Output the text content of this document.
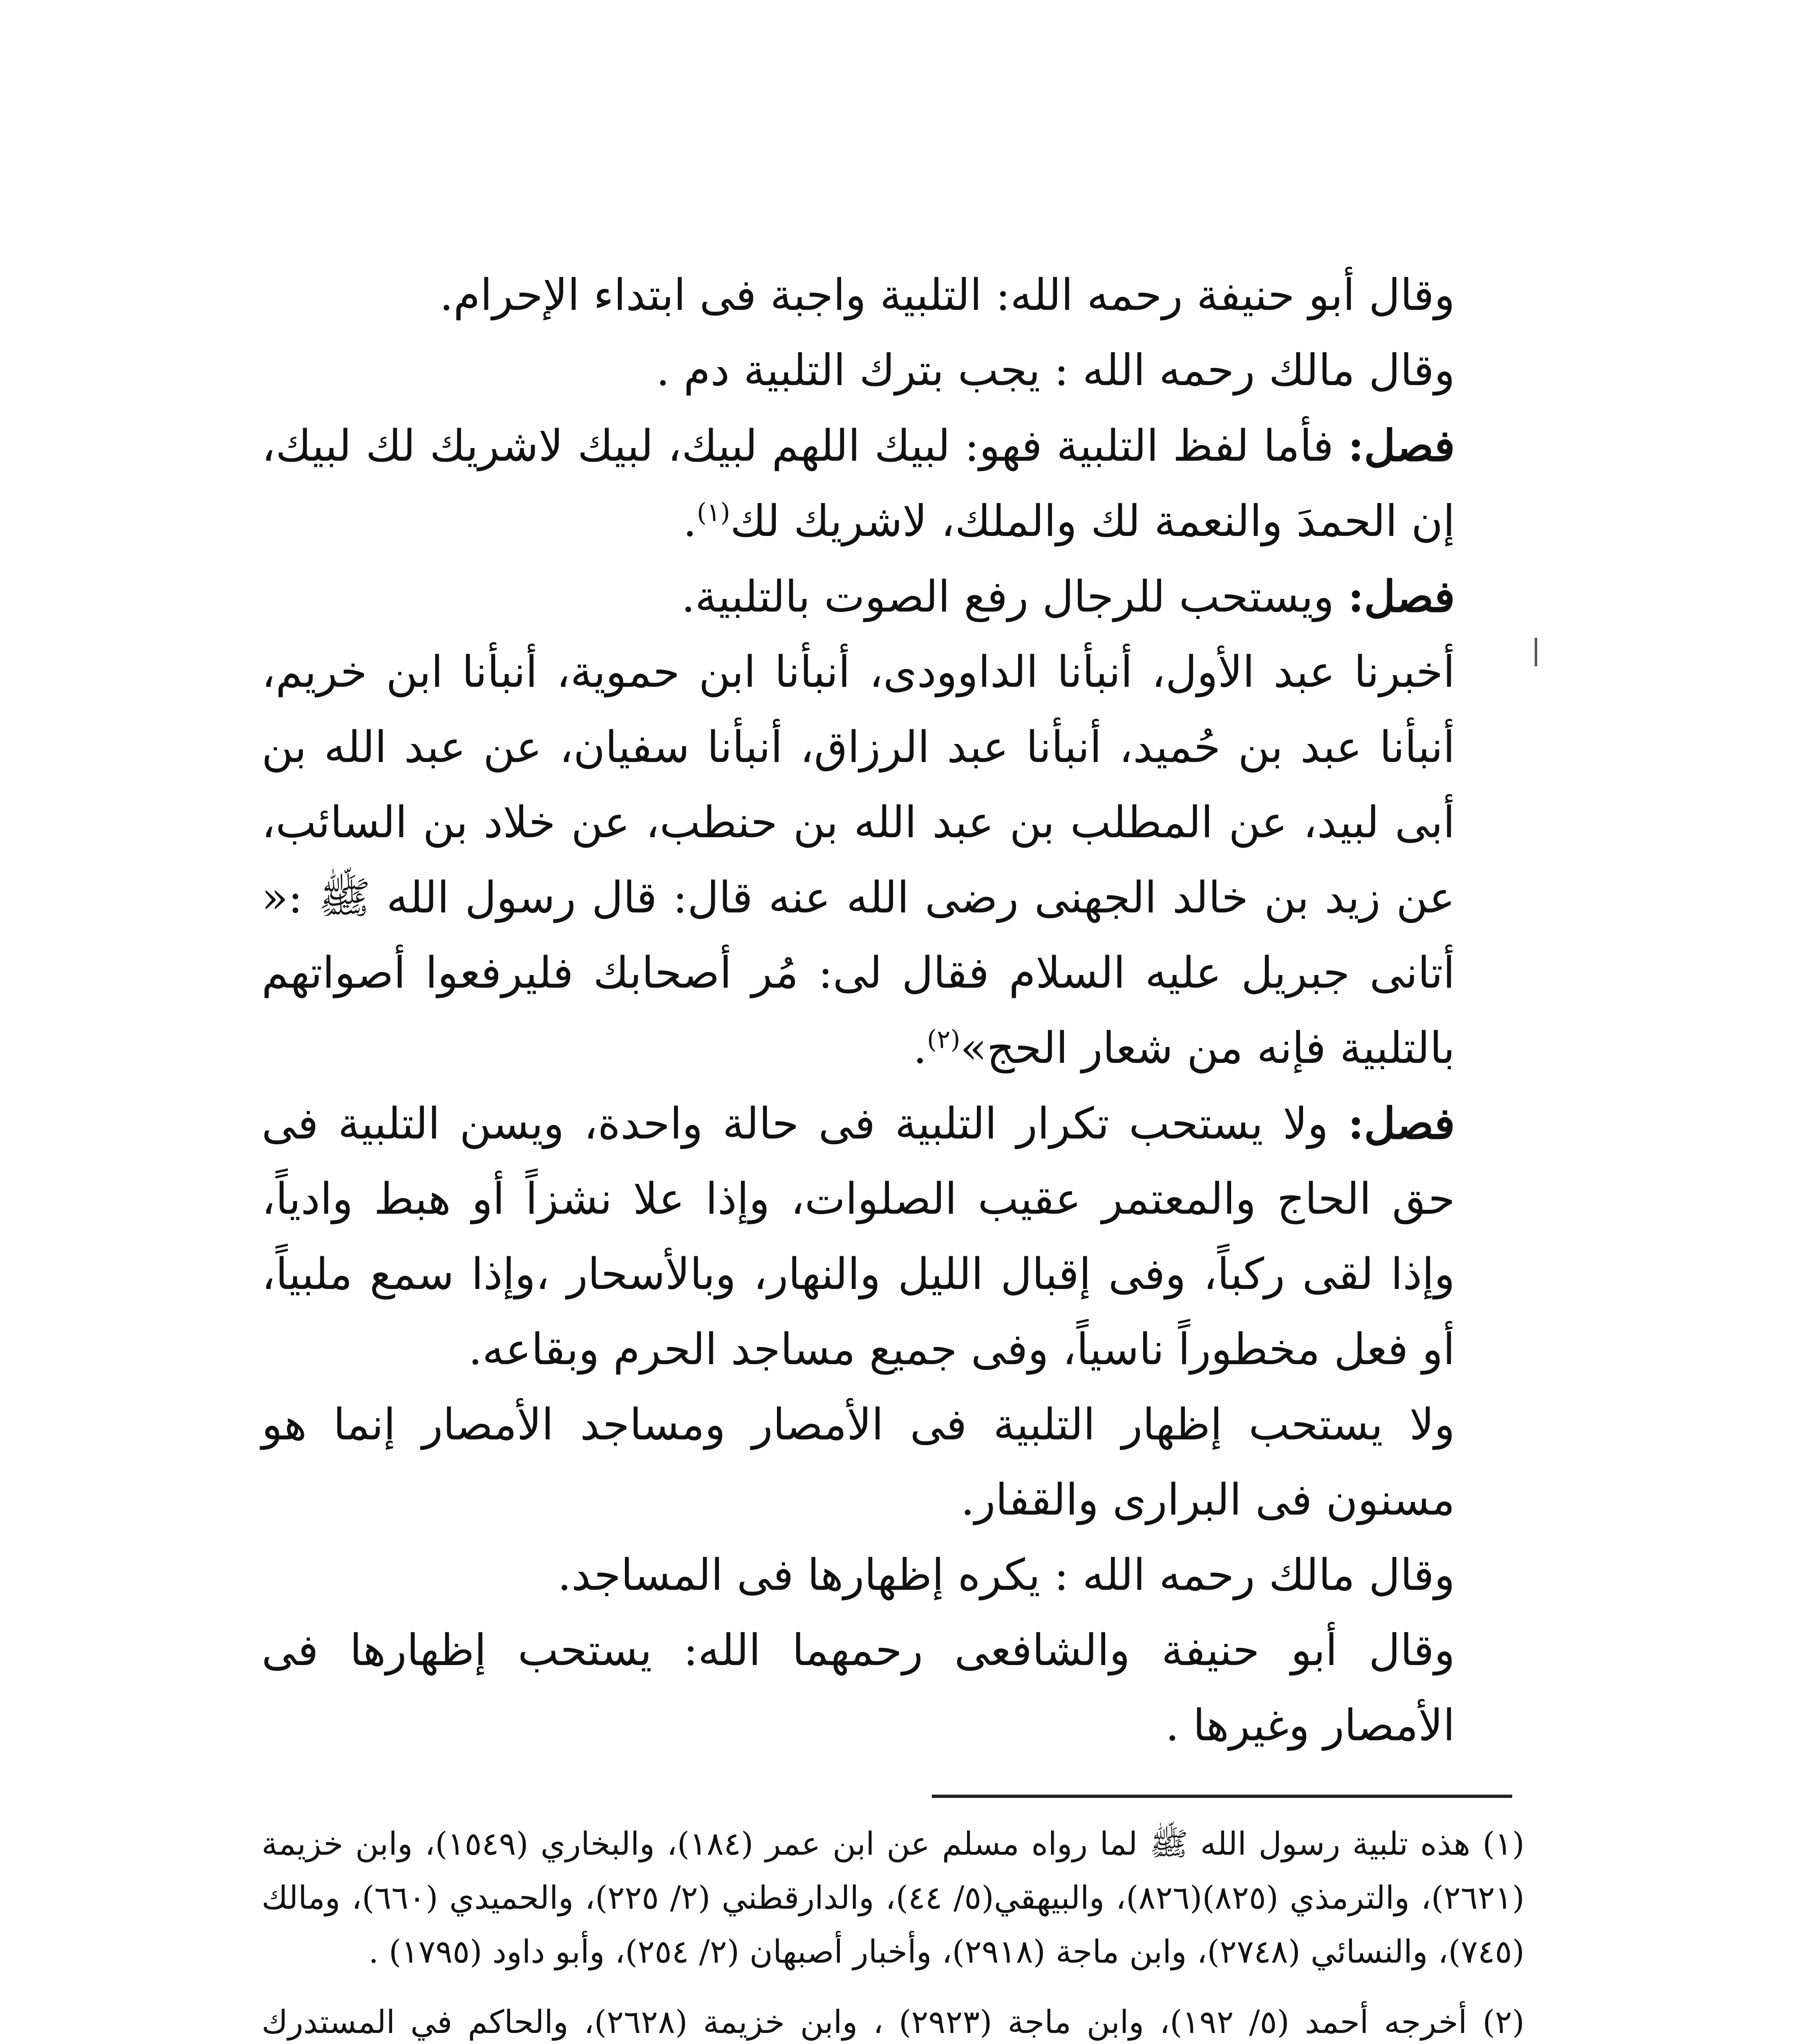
وقال أبو حنيفة رحمه الله: التلبية واجبة فى ابتداء الإحرام.

وقال مالك رحمه الله : يجب بترك التلبية دم .

فصل: فأما لفظ التلبية فهو: لبيك اللهم لبيك، لبيك لاشريك لك لبيك، إن الحمدَ والنعمة لك والملك، لاشريك لك$^{(١)}$.

فصل: ويستحب للرجال رفع الصوت بالتلبية.

أخبرنا عبد الأول، أنبأنا الداوودى، أنبأنا ابن حموية، أنبأنا ابن خريم، أنبأنا عبد بن حُميد، أنبأنا عبد الرزاق، أنبأنا سفيان، عن عبد الله بن أبى لبيد، عن المطلب بن عبد الله بن حنطب، عن خلاد بن السائب، عن زيد بن خالد الجهنى رضى الله عنه قال: قال رسول الله ﷺ :« أتانى جبريل عليه السلام فقال لى: مُر أصحابك فليرفعوا أصواتهم بالتلبية فإنه من شعار الحج»$^{(٢)}$.

فصل: ولا يستحب تكرار التلبية فى حالة واحدة، ويسن التلبية فى حق الحاج والمعتمر عقيب الصلوات، وإذا علا نشزاً أو هبط وادياً، وإذا لقى ركباً، وفى إقبال الليل والنهار، وبالأسحار ،وإذا سمع ملبياً، أو فعل مخطوراً ناسياً، وفى جميع مساجد الحرم وبقاعه.

ولا يستحب إظهار التلبية فى الأمصار ومساجد الأمصار إنما هو مسنون فى البرارى والقفار.

وقال مالك رحمه الله : يكره إظهارها فى المساجد.

وقال أبو حنيفة والشافعى رحمهما الله: يستحب إظهارها فى الأمصار وغيرها .

(١) هذه تلبية رسول الله ﷺ لما رواه مسلم عن ابن عمر (١٨٤)، والبخاري (١٥٤٩)، وابن خزيمة (٢٦٢١)، والترمذي (٨٢٥)(٨٢٦)، والبيهقي(٥/ ٤٤)، والدارقطني (٢/ ٢٢٥)، والحميدي (٦٦٠)، ومالك (٧٤٥)، والنسائي (٢٧٤٨)، وابن ماجة (٢٩١٨)، وأخبار أصبهان (٢/ ٢٥٤)، وأبو داود (١٧٩٥) .

(٢) أخرجه أحمد (٥/ ١٩٢)، وابن ماجة (٢٩٢٣) ، وابن خزيمة (٢٦٢٨)، والحاكم في المستدرك
